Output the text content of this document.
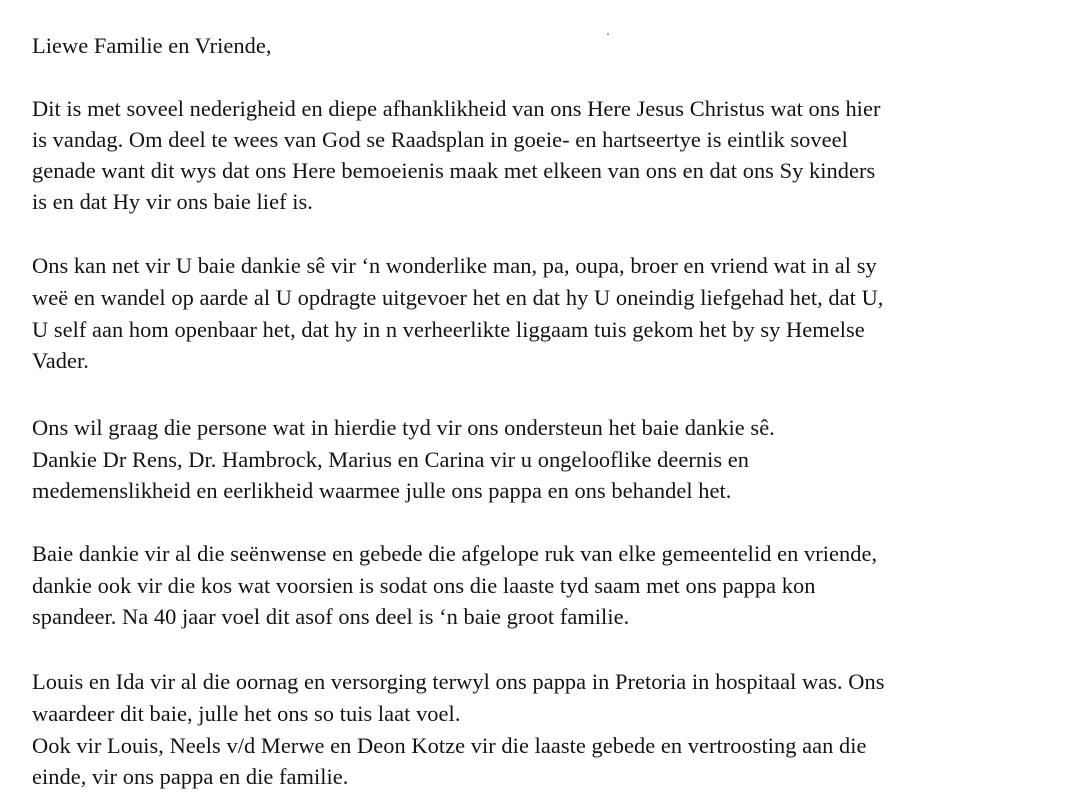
Liewe Familie en Vriende,

Dit is met soveel nederigheid en diepe afhanklikheid van ons Here Jesus Christus wat ons hier

is vandag. Om deel te wees van God se Raadsplan in goeie- en hartseertye is eintlik soveel

genade want dit wys dat ons Here bemoeienis maak met elkeen van ons en dat ons Sy kinders

is en dat Hy vir ons baie lief is.

Ons kan net vir U baie dankie sê vir ‘n wonderlike man, pa, oupa, broer en vriend wat in al sy

weë en wandel op aarde al U opdragte uitgevoer het en dat hy U oneindig liefgehad het, dat U,

U self aan hom openbaar het, dat hy in n verheerlikte liggaam tuis gekom het by sy Hemelse

Vader.

Ons wil graag die persone wat in hierdie tyd vir ons ondersteun het baie dankie sê.

Dankie Dr Rens, Dr. Hambrock, Marius en Carina vir u ongelooflike deernis en

medemenslikheid en eerlikheid waarmee julle ons pappa en ons behandel het.

Baie dankie vir al die seënwense en gebede die afgelope ruk van elke gemeentelid en vriende,

dankie ook vir die kos wat voorsien is sodat ons die laaste tyd saam met ons pappa kon

spandeer. Na 40 jaar voel dit asof ons deel is ‘n baie groot familie.

Louis en Ida vir al die oornag en versorging terwyl ons pappa in Pretoria in hospitaal was. Ons

waardeer dit baie, julle het ons so tuis laat voel.

Ook vir Louis, Neels v/d Merwe en Deon Kotze vir die laaste gebede en vertroosting aan die

einde, vir ons pappa en die familie.
